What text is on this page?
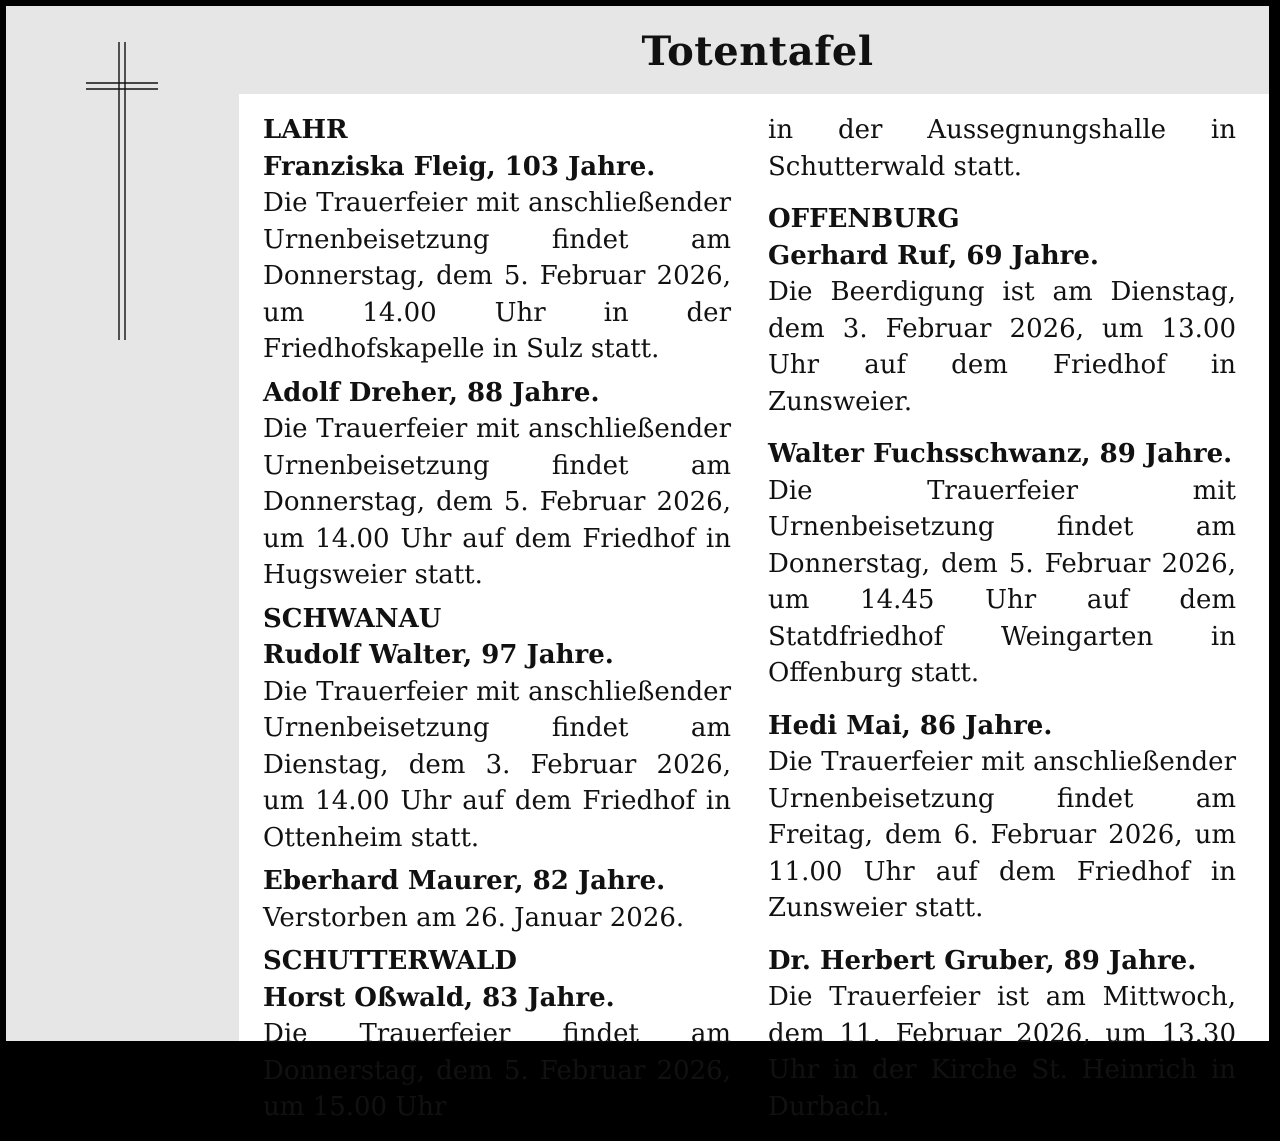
Totentafel
LAHR
Franziska Fleig, 103 Jahre.
Die Trauerfeier mit anschließender Urnenbeisetzung findet am Donnerstag, dem 5. Februar 2026, um 14.00 Uhr in der Friedhofskapelle in Sulz statt.
Adolf Dreher, 88 Jahre.
Die Trauerfeier mit anschließender Urnenbeisetzung findet am Donnerstag, dem 5. Februar 2026, um 14.00 Uhr auf dem Friedhof in Hugsweier statt.
SCHWANAU
Rudolf Walter, 97 Jahre.
Die Trauerfeier mit anschließender Urnenbeisetzung findet am Dienstag, dem 3. Februar 2026, um 14.00 Uhr auf dem Friedhof in Ottenheim statt.
Eberhard Maurer, 82 Jahre.
Verstorben am 26. Januar 2026.
SCHUTTERWALD
Horst Oßwald, 83 Jahre.
Die Trauerfeier findet am Donnerstag, dem 5. Februar 2026, um 15.00 Uhr
in der Aussegnungshalle in Schutterwald statt.
OFFENBURG
Gerhard Ruf, 69 Jahre.
Die Beerdigung ist am Dienstag, dem 3. Februar 2026, um 13.00 Uhr auf dem Friedhof in Zunsweier.
Walter Fuchsschwanz, 89 Jahre.
Die Trauerfeier mit Urnenbeisetzung findet am Donnerstag, dem 5. Februar 2026, um 14.45 Uhr auf dem Statdfriedhof Weingarten in Offenburg statt.
Hedi Mai, 86 Jahre.
Die Trauerfeier mit anschließender Urnenbeisetzung findet am Freitag, dem 6. Februar 2026, um 11.00 Uhr auf dem Friedhof in Zunsweier statt.
Dr. Herbert Gruber, 89 Jahre.
Die Trauerfeier ist am Mittwoch, dem 11. Februar 2026, um 13.30 Uhr in der Kirche St. Heinrich in Durbach.
